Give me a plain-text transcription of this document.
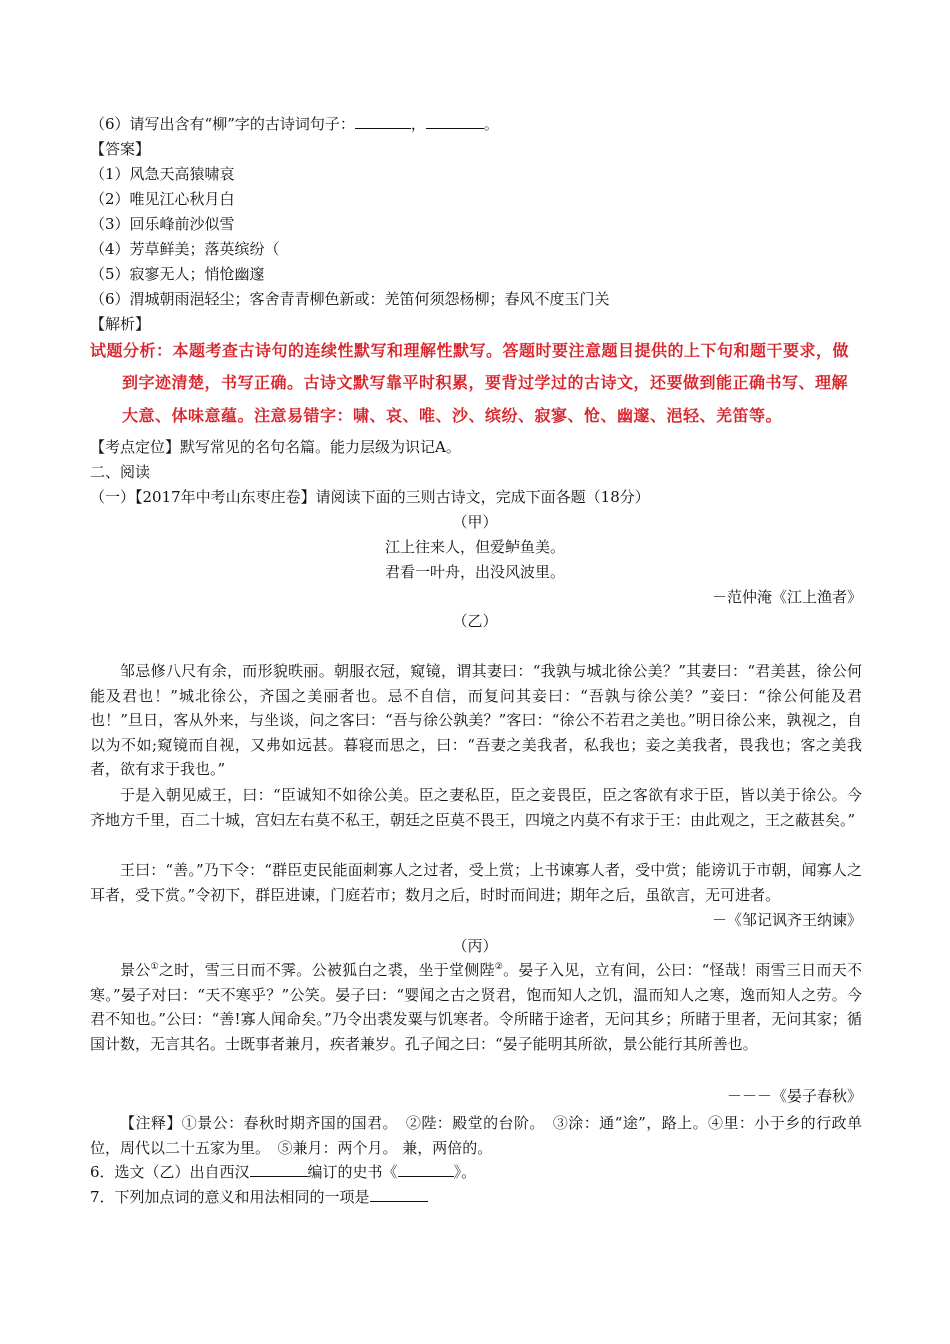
（6）请写出含有“柳”字的古诗词句子：	，	。
【答案】
（1）风急天高猿啸哀
（2）唯见江心秋月白
（3）回乐峰前沙似雪
（4）芳草鲜美；落英缤纷（
（5）寂寥无人；悄怆幽邃
（6）渭城朝雨浥轻尘；客舍青青柳色新或：羌笛何须怨杨柳；春风不度玉门关
【解析】
试题分析：本题考查古诗句的连续性默写和理解性默写。答题时要注意题目提供的上下句和题干要求，做
到字迹清楚，书写正确。古诗文默写靠平时积累，要背过学过的古诗文，还要做到能正确书写、理解
大意、体味意蕴。注意易错字：啸、哀、唯、沙、缤纷、寂寥、怆、幽邃、浥轻、羌笛等。
【考点定位】默写常见的名句名篇。能力层级为识记A。
二、阅读
（一）【2017年中考山东枣庄卷】请阅读下面的三则古诗文，完成下面各题（18分）
（甲）
江上往来人，但爱鲈鱼美。
君看一叶舟，出没风波里。
－范仲淹《江上渔者》
（乙）
邹忌修八尺有余，而形貌昳丽。朝服衣冠，窥镜，谓其妻曰：“我孰与城北徐公美？”其妻曰：“君美甚，徐公何能及君也！”城北徐公，齐国之美丽者也。忌不自信，而复问其妾曰：“吾孰与徐公美？”妾曰：“徐公何能及君也！”旦日，客从外来，与坐谈，问之客曰：“吾与徐公孰美？”客曰：“徐公不若君之美也。”明日徐公来，孰视之，自以为不如;窥镜而自视，又弗如远甚。暮寝而思之，曰：“吾妻之美我者，私我也；妾之美我者，畏我也；客之美我者，欲有求于我也。”
于是入朝见威王，曰：“臣诚知不如徐公美。臣之妻私臣，臣之妾畏臣，臣之客欲有求于臣，皆以美于徐公。今齐地方千里，百二十城，宫妇左右莫不私王，朝廷之臣莫不畏王，四境之内莫不有求于王：由此观之，王之蔽甚矣。”
王曰：“善。”乃下令：“群臣吏民能面刺寡人之过者，受上赏；上书谏寡人者，受中赏；能谤讥于市朝，闻寡人之耳者，受下赏。”令初下，群臣进谏，门庭若市；数月之后，时时而间进；期年之后，虽欲言，无可进者。
－《邹记讽齐王纳谏》
（丙）
景公①之时，雪三日而不霁。公被狐白之裘，坐于堂侧陛②。晏子入见，立有间，公曰：“怪哉！雨雪三日而天不寒。”晏子对曰：“天不寒乎？”公笑。晏子曰：“婴闻之古之贤君，饱而知人之饥，温而知人之寒，逸而知人之劳。今君不知也。”公曰：“善!寡人闻命矣。”乃令出裘发粟与饥寒者。令所睹于途者，无问其乡；所睹于里者，无问其家；循国计数，无言其名。士既事者兼月，疾者兼岁。孔子闻之曰：“晏子能明其所欲，景公能行其所善也。
－－－《晏子春秋》
【注释】①景公：春秋时期齐国的国君。　②陛：殿堂的台阶。　③涂：通“途”，路上。④里：小于乡的行政单位，周代以二十五家为里。　⑤兼月：两个月。 兼，两倍的。
6．选文（乙）出自西汉	编订的史书《	》。
7．下列加点词的意义和用法相同的一项是
